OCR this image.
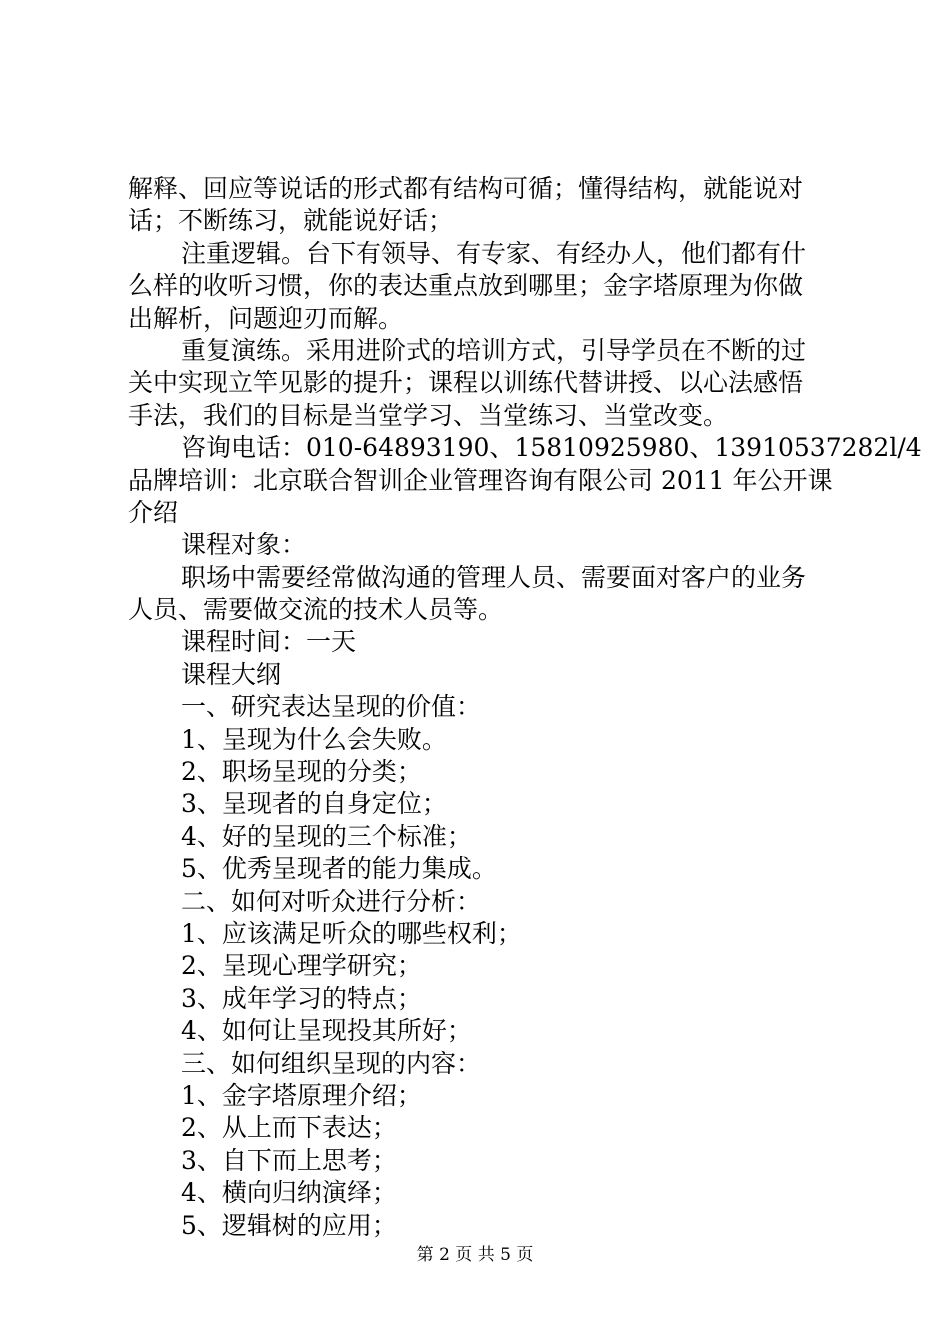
解释、回应等说话的形式都有结构可循；懂得结构，就能说对
话；不断练习，就能说好话；
注重逻辑。台下有领导、有专家、有经办人，他们都有什
么样的收听习惯，你的表达重点放到哪里；金字塔原理为你做
出解析，问题迎刃而解。
重复演练。采用进阶式的培训方式，引导学员在不断的过
关中实现立竿见影的提升；课程以训练代替讲授、以心法感悟
手法，我们的目标是当堂学习、当堂练习、当堂改变。
咨询电话：010-64893190、15810925980、13910537282l/4
品牌培训：北京联合智训企业管理咨询有限公司 2011 年公开课
介绍
课程对象：
职场中需要经常做沟通的管理人员、需要面对客户的业务
人员、需要做交流的技术人员等。
课程时间：一天
课程大纲
一、研究表达呈现的价值：
1、呈现为什么会失败。
2、职场呈现的分类；
3、呈现者的自身定位；
4、好的呈现的三个标准；
5、优秀呈现者的能力集成。
二、如何对听众进行分析：
1、应该满足听众的哪些权利；
2、呈现心理学研究；
3、成年学习的特点；
4、如何让呈现投其所好；
三、如何组织呈现的内容：
1、金字塔原理介绍；
2、从上而下表达；
3、自下而上思考；
4、横向归纳演绎；
5、逻辑树的应用；
第 2 页 共 5 页
